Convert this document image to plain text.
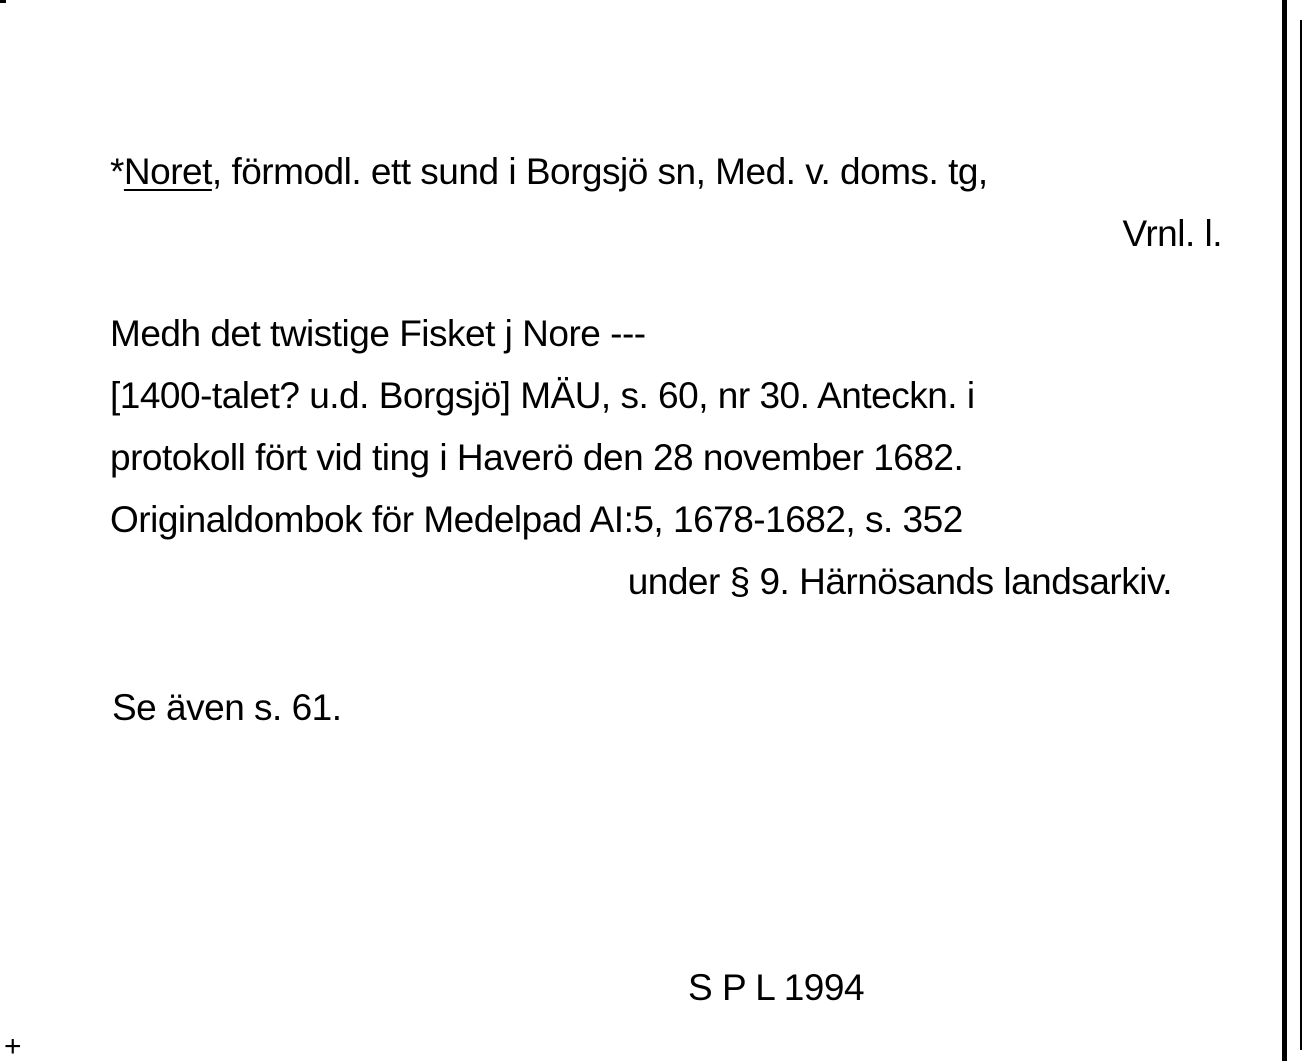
*Noret, förmodl. ett sund i Borgsjö sn, Med. v. doms. tg,
Vrnl. l.
Medh det twistige Fisket j Nore ---
[1400-talet? u.d. Borgsjö] MÄU, s. 60, nr 30. Anteckn. i
protokoll fört vid ting i Haverö den 28 november 1682.
Originaldombok för Medelpad AI:5, 1678-1682, s. 352
under § 9. Härnösands landsarkiv.
Se även s. 61.
S P L 1994
+
